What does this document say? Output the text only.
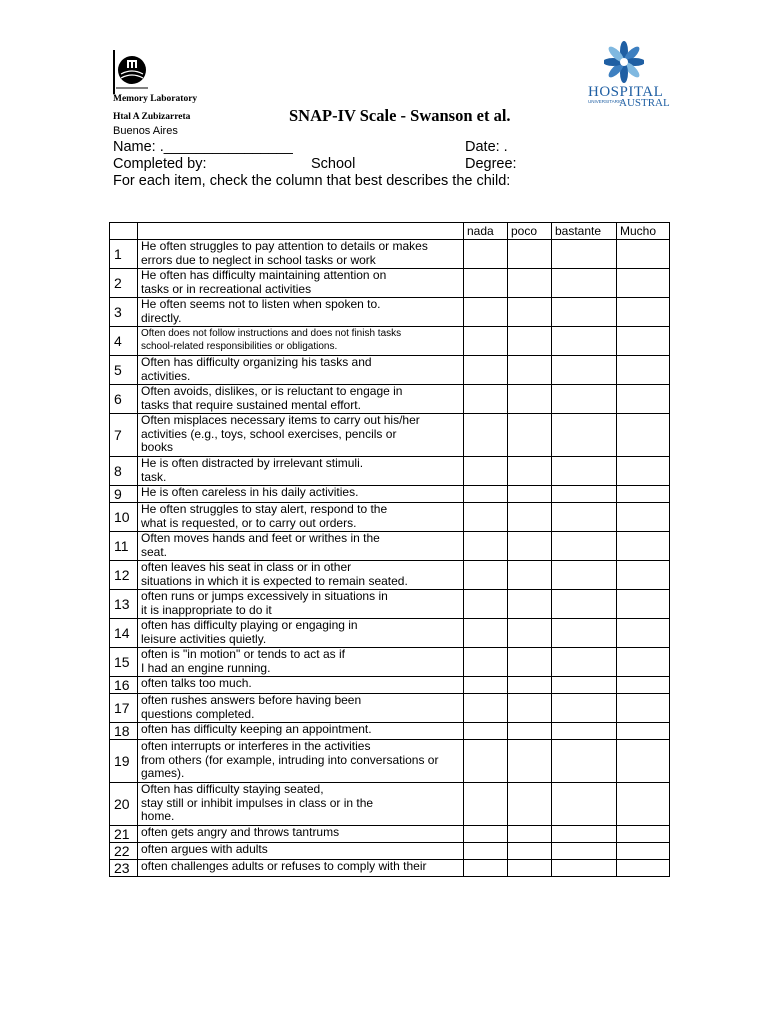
Memory Laboratory
Htal A Zubizarreta
Buenos Aires
SNAP-IV Scale - Swanson et al.
HOSPITAL
UNIVERSITARIO
AUSTRAL
Name: .________________	Date: .
Completed by:	School	Degree:
For each item, check the column that best describes the child:
		nada	poco	bastante	Mucho
1	He often struggles to pay attention to details or makes
errors due to neglect in school tasks or work				

2	He often has difficulty maintaining attention on
tasks or in recreational activities				

3	He often seems not to listen when spoken to.
directly.				

4	Often does not follow instructions and does not finish tasks
school-related responsibilities or obligations.				

5	Often has difficulty organizing his tasks and
activities.				

6	Often avoids, dislikes, or is reluctant to engage in
tasks that require sustained mental effort.				

7	Often misplaces necessary items to carry out his/her
activities (e.g., toys, school exercises, pencils or
books				

8	He is often distracted by irrelevant stimuli.
task.				

9	He is often careless in his daily activities.				

10	He often struggles to stay alert, respond to the
what is requested, or to carry out orders.				

11	Often moves hands and feet or writhes in the
seat.				

12	often leaves his seat in class or in other
situations in which it is expected to remain seated.				

13	often runs or jumps excessively in situations in
it is inappropriate to do it				

14	often has difficulty playing or engaging in
leisure activities quietly.				

15	often is "in motion" or tends to act as if
I had an engine running.				

16	often talks too much.				

17	often rushes answers before having been
questions completed.				

18	often has difficulty keeping an appointment.				

19	often interrupts or interferes in the activities
from others (for example, intruding into conversations or
games).				

20	Often has difficulty staying seated,
stay still or inhibit impulses in class or in the
home.				

21	often gets angry and throws tantrums				

22	often argues with adults				

23	often challenges adults or refuses to comply with their				
